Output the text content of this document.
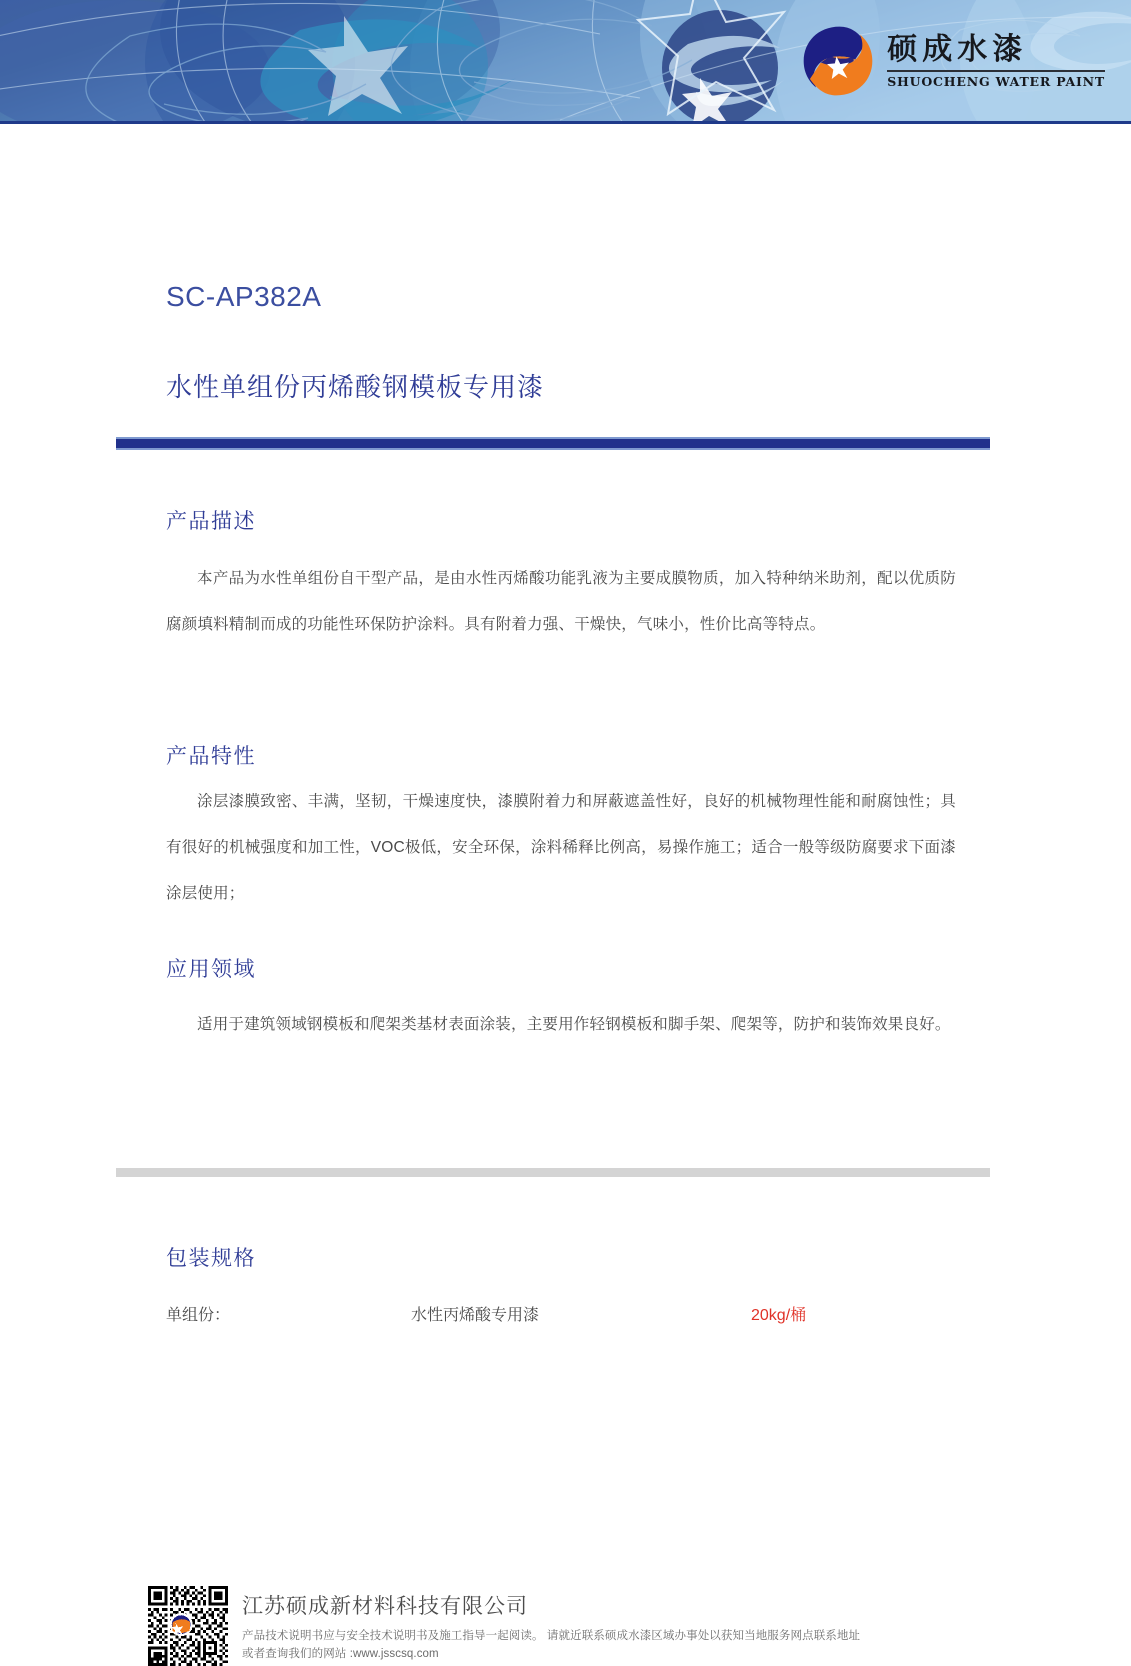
硕成水漆
SHUOCHENG WATER PAINT
SC-AP382A
水性单组份丙烯酸钢模板专用漆
产品描述

本产品为水性单组份自干型产品，是由水性丙烯酸功能乳液为主要成膜物质，加入特种纳米助剂，配以优质防腐颜填料精制而成的功能性环保防护涂料。具有附着力强、干燥快，气味小，性价比高等特点。

产品特性

涂层漆膜致密、丰满，坚韧，干燥速度快，漆膜附着力和屏蔽遮盖性好，良好的机械物理性能和耐腐蚀性；具有很好的机械强度和加工性，VOC极低，安全环保，涂料稀释比例高，易操作施工；适合一般等级防腐要求下面漆涂层使用；

应用领域

适用于建筑领域钢模板和爬架类基材表面涂装，主要用作轻钢模板和脚手架、爬架等，防护和装饰效果良好。

包装规格
单组份：	水性丙烯酸专用漆	20kg/桶
江苏硕成新材料科技有限公司
产品技术说明书应与安全技术说明书及施工指导一起阅读。 请就近联系硕成水漆区域办事处以获知当地服务网点联系地址
或者查询我们的网站 :www.jsscsq.com
